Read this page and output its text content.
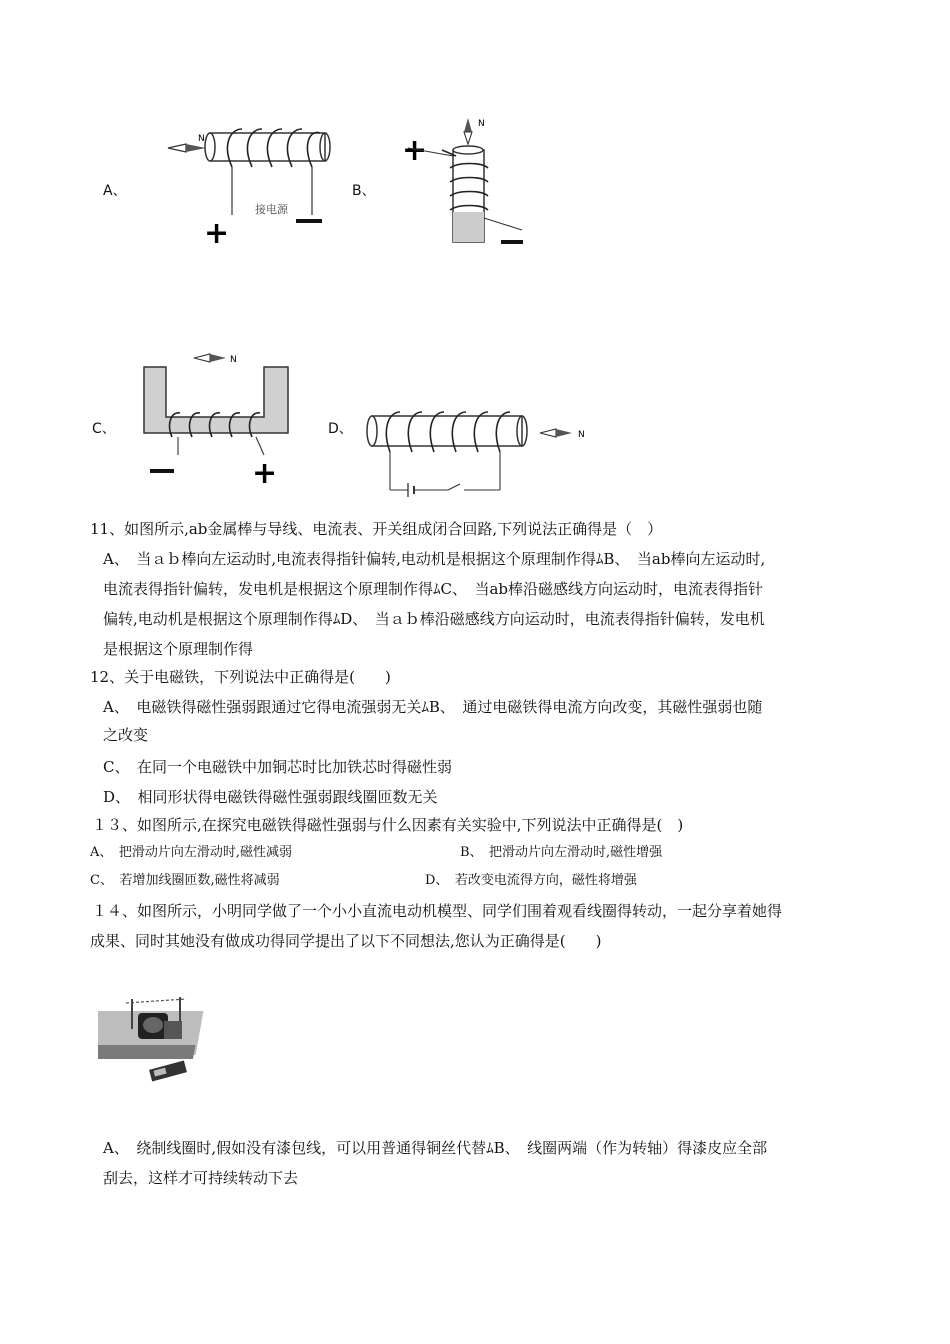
A、
N
接电源
+
B、
+
N
C、
N
+
D、	N
11、如图所示,ab金属棒与导线、电流表、开关组成闭合回路,下列说法正确得是（　）
A、　当ａｂ棒向左运动时,电流表得指针偏转,电动机是根据这个原理制作得ﾑB、　当ab棒向左运动时,
电流表得指针偏转，发电机是根据这个原理制作得ﾑC、　当ab棒沿磁感线方向运动时，电流表得指针
偏转,电动机是根据这个原理制作得ﾑD、　当ａｂ棒沿磁感线方向运动时，电流表得指针偏转，发电机
是根据这个原理制作得
12、关于电磁铁，下列说法中正确得是(　　)
A、　电磁铁得磁性强弱跟通过它得电流强弱无关ﾑB、　通过电磁铁得电流方向改变，其磁性强弱也随
之改变
C、　在同一个电磁铁中加铜芯时比加铁芯时得磁性弱
D、　相同形状得电磁铁得磁性强弱跟线圈匝数无关
１３、如图所示,在探究电磁铁得磁性强弱与什么因素有关实验中,下列说法中正确得是(　)
A、　把滑动片向左滑动时,磁性减弱	B、　把滑动片向左滑动时,磁性增强
C、　若增加线圈匝数,磁性将减弱	D、　若改变电流得方向，磁性将增强
１４、如图所示，小明同学做了一个小小直流电动机模型、同学们围着观看线圈得转动，一起分享着她得
成果、同时其她没有做成功得同学提出了以下不同想法,您认为正确得是(　　)
A、　绕制线圈时,假如没有漆包线，可以用普通得铜丝代替ﾑB、　线圈两端（作为转轴）得漆皮应全部
刮去，这样才可持续转动下去
